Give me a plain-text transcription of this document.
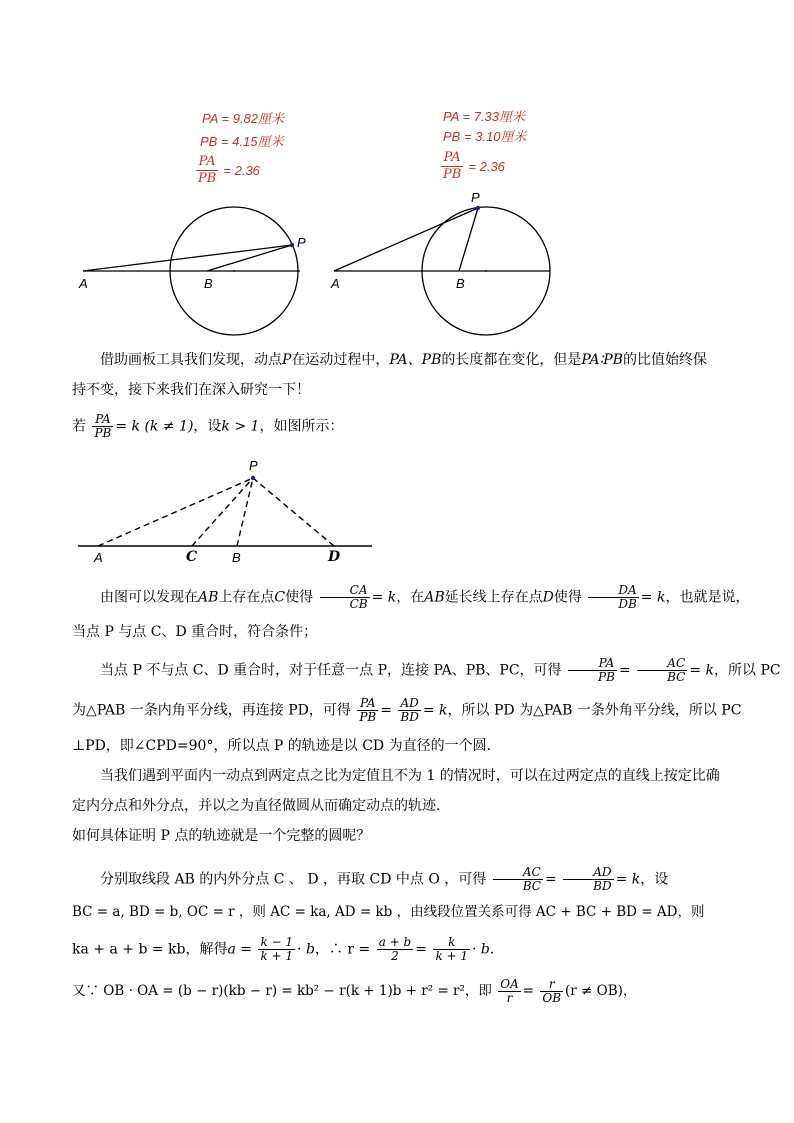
PA = 9.82厘米
PB = 4.15厘米
$\frac{PA}{PB} = 2.36$
A	B
P
PA = 7.33厘米
PB = 3.10厘米
$\frac{PA}{PB} = 2.36$
A	B
P
P
A	C	B	D
借助画板工具我们发现，动点P在运动过程中，PA、PB的长度都在变化，但是PA∶PB的比值始终保
持不变，接下来我们在深入研究一下！
若 $\frac{PA}{PB} = k$ (k ≠ 1)，设k > 1，如图所示：
由图可以发现在AB上存在点C使得 $\frac{CA}{CB} = k$，在AB延长线上存在点D使得 $\frac{DA}{DB} = k$，也就是说，
当点 P 与点 C、D 重合时，符合条件；
当点 P 不与点 C、D 重合时，对于任意一点 P，连接 PA、PB、PC，可得 $\frac{PA}{PB} = \frac{AC}{BC} = k$，所以 PC
为△PAB 一条内角平分线，再连接 PD，可得 $\frac{PA}{PB} = \frac{AD}{BD} = k$，所以 PD 为△PAB 一条外角平分线，所以 PC
⊥PD，即∠CPD=90°，所以点 P 的轨迹是以 CD 为直径的一个圆.
当我们遇到平面内一动点到两定点之比为定值且不为 1 的情况时，可以在过两定点的直线上按定比确
定内分点和外分点，并以之为直径做圆从而确定动点的轨迹.
如何具体证明 P 点的轨迹就是一个完整的圆呢？
分别取线段 AB 的内外分点 C 、 D ，再取 CD 中点 O ，可得 $\frac{AC}{BC} = \frac{AD}{BD} = k$，设
BC = a, BD = b, OC = r ，则 AC = ka, AD = kb ，由线段位置关系可得 AC + BC + BD = AD，则
ka + a + b = kb，解得$a = \frac{k - 1}{k + 1} \cdot b$，∴ $r = \frac{a + b}{2} = \frac{k}{k + 1} \cdot b$.
又∵ OB · OA = (b − r)(kb − r) = kb² − r(k + 1)b + r² = r²，即 $\frac{OA}{r} = \frac{r}{OB} (r \ne OB)$，
